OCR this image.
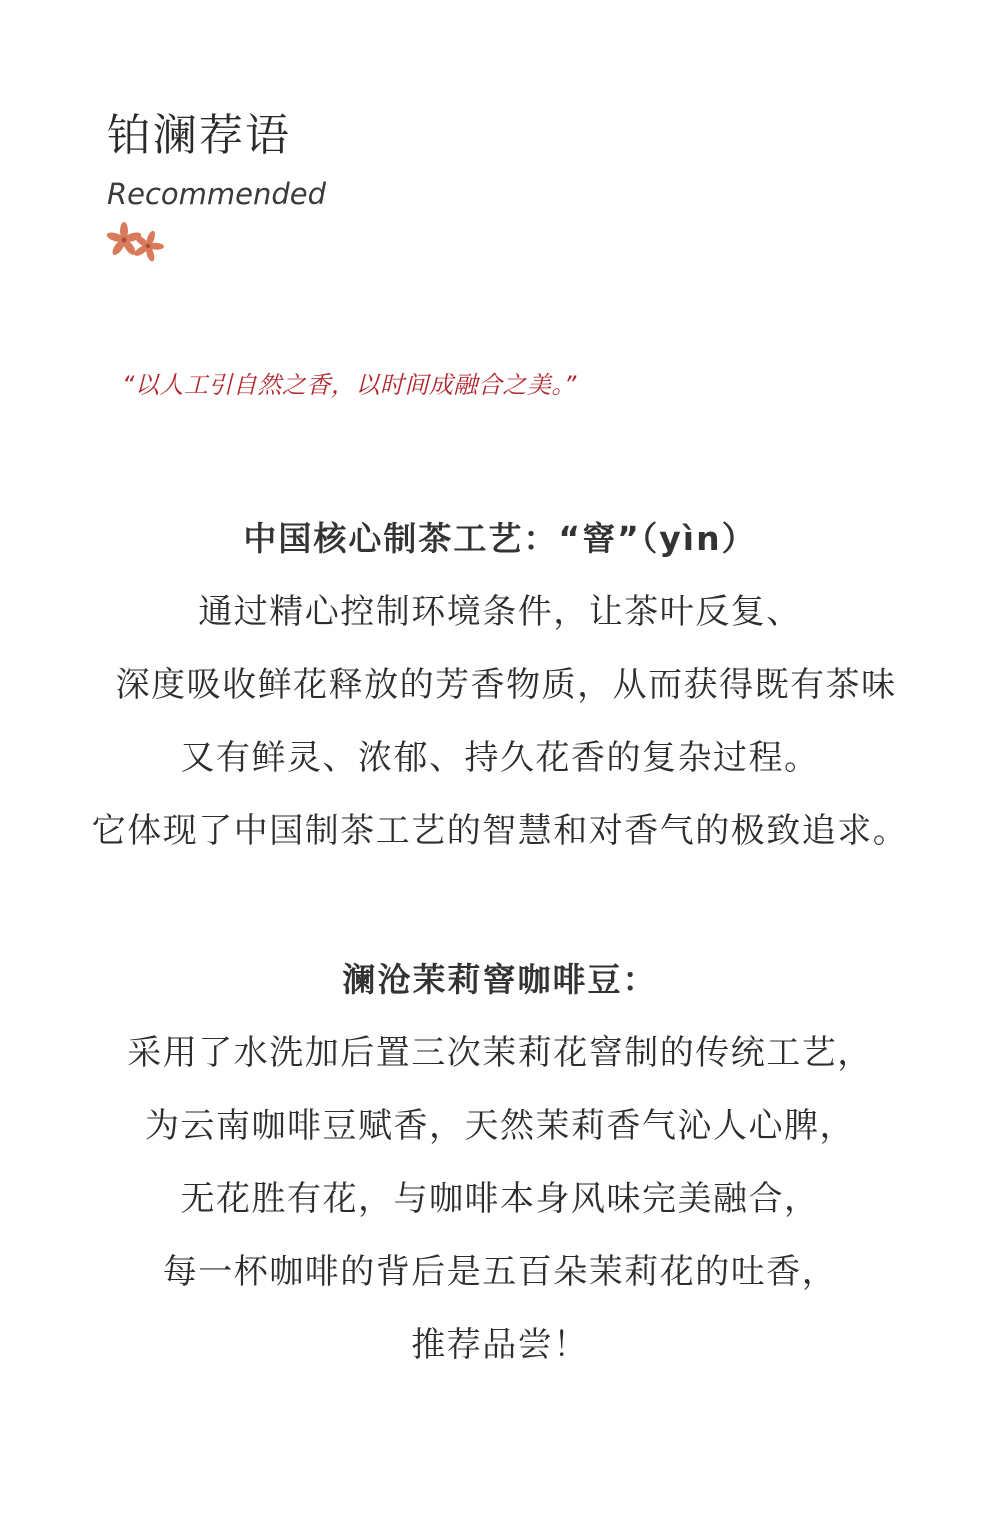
铂澜荐语
Recommended
“以人工引自然之香，以时间成融合之美。”
中国核心制茶工艺：“窨”（yìn）
通过精心控制环境条件，让茶叶反复、
深度吸收鲜花释放的芳香物质，从而获得既有茶味
又有鲜灵、浓郁、持久花香的复杂过程。
它体现了中国制茶工艺的智慧和对香气的极致追求。
澜沧茉莉窨咖啡豆：
采用了水洗加后置三次茉莉花窨制的传统工艺，
为云南咖啡豆赋香，天然茉莉香气沁人心脾，
无花胜有花，与咖啡本身风味完美融合，
每一杯咖啡的背后是五百朵茉莉花的吐香，
推荐品尝！
